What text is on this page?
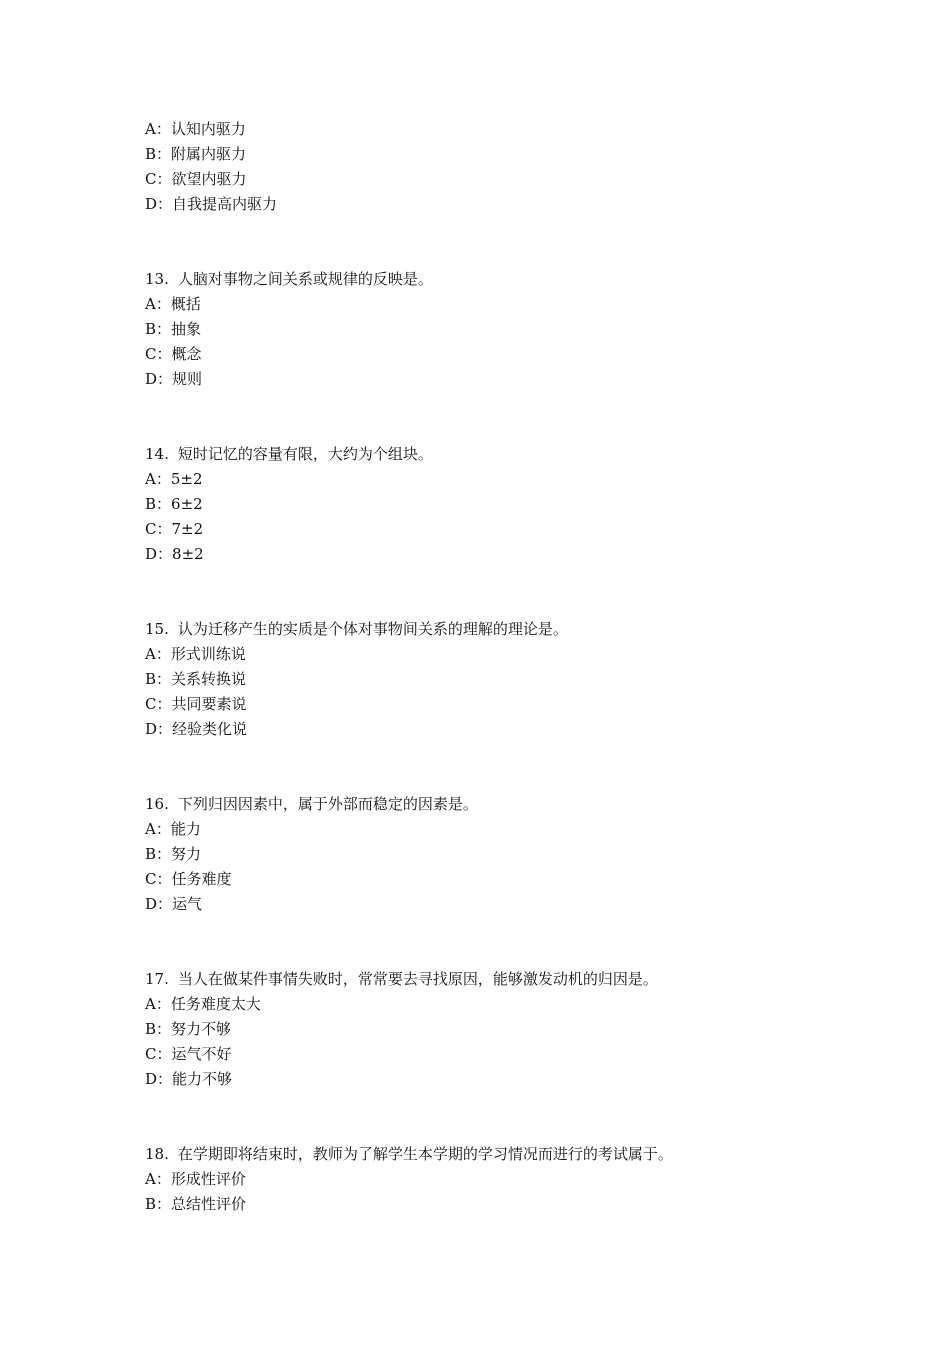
A：认知内驱力
B：附属内驱力
C：欲望内驱力
D：自我提高内驱力
13. 人脑对事物之间关系或规律的反映是。
A：概括
B：抽象
C：概念
D：规则
14. 短时记忆的容量有限，大约为个组块。
A：5±2
B：6±2
C：7±2
D：8±2
15. 认为迁移产生的实质是个体对事物间关系的理解的理论是。
A：形式训练说
B：关系转换说
C：共同要素说
D：经验类化说
16. 下列归因因素中，属于外部而稳定的因素是。
A：能力
B：努力
C：任务难度
D：运气
17. 当人在做某件事情失败时，常常要去寻找原因，能够激发动机的归因是。
A：任务难度太大
B：努力不够
C：运气不好
D：能力不够
18. 在学期即将结束时，教师为了解学生本学期的学习情况而进行的考试属于。
A：形成性评价
B：总结性评价
